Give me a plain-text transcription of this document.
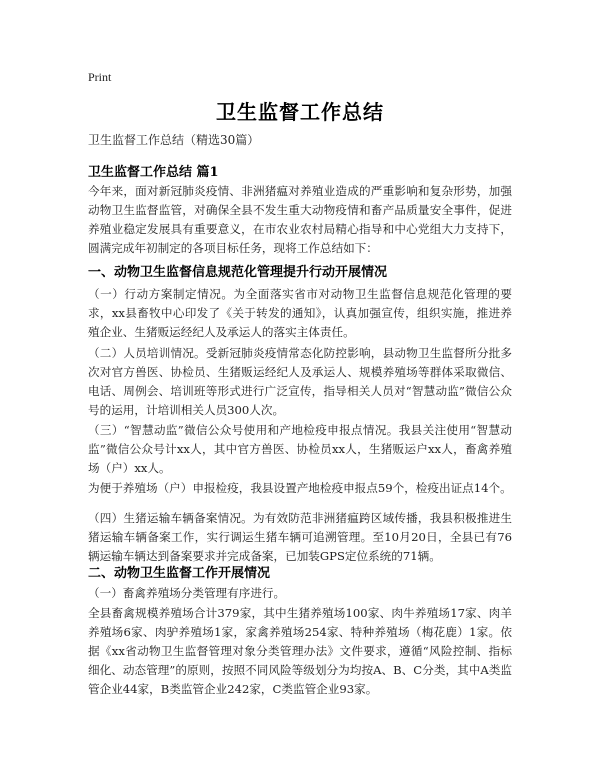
Print
卫生监督工作总结
卫生监督工作总结（精选30篇）
卫生监督工作总结 篇1

今年来，面对新冠肺炎疫情、非洲猪瘟对养殖业造成的严重影响和复杂形势，加强动物卫生监督监管，对确保全县不发生重大动物疫情和畜产品质量安全事件，促进养殖业稳定发展具有重要意义，在市农业农村局精心指导和中心党组大力支持下，圆满完成年初制定的各项目标任务，现将工作总结如下：

一、动物卫生监督信息规范化管理提升行动开展情况

（一）行动方案制定情况。为全面落实省市对动物卫生监督信息规范化管理的要求，xx县畜牧中心印发了《关于转发的通知》，认真加强宣传，组织实施，推进养殖企业、生猪贩运经纪人及承运人的落实主体责任。

（二）人员培训情况。受新冠肺炎疫情常态化防控影响，县动物卫生监督所分批多次对官方兽医、协检员、生猪贩运经纪人及承运人、规模养殖场等群体采取微信、电话、周例会、培训班等形式进行广泛宣传，指导相关人员对“智慧动监”微信公众号的运用，计培训相关人员300人次。

（三）“智慧动监”微信公众号使用和产地检疫申报点情况。我县关注使用“智慧动监”微信公众号计xx人，其中官方兽医、协检员xx人，生猪贩运户xx人，畜禽养殖场（户）xx人。

为便于养殖场（户）申报检疫，我县设置产地检疫申报点59个，检疫出证点14个。

（四）生猪运输车辆备案情况。为有效防范非洲猪瘟跨区域传播，我县积极推进生猪运输车辆备案工作，实行调运生猪车辆可追溯管理。至10月20日，全县已有76辆运输车辆达到备案要求并完成备案，已加装GPS定位系统的71辆。

二、动物卫生监督工作开展情况

（一）畜禽养殖场分类管理有序进行。

全县畜禽规模养殖场合计379家，其中生猪养殖场100家、肉牛养殖场17家、肉羊养殖场6家、肉驴养殖场1家，家禽养殖场254家、特种养殖场（梅花鹿）1家。依据《xx省动物卫生监督管理对象分类管理办法》文件要求，遵循“风险控制、指标细化、动态管理”的原则，按照不同风险等级划分为均按A、B、C分类，其中A类监管企业44家，B类监管企业242家，C类监管企业93家。
